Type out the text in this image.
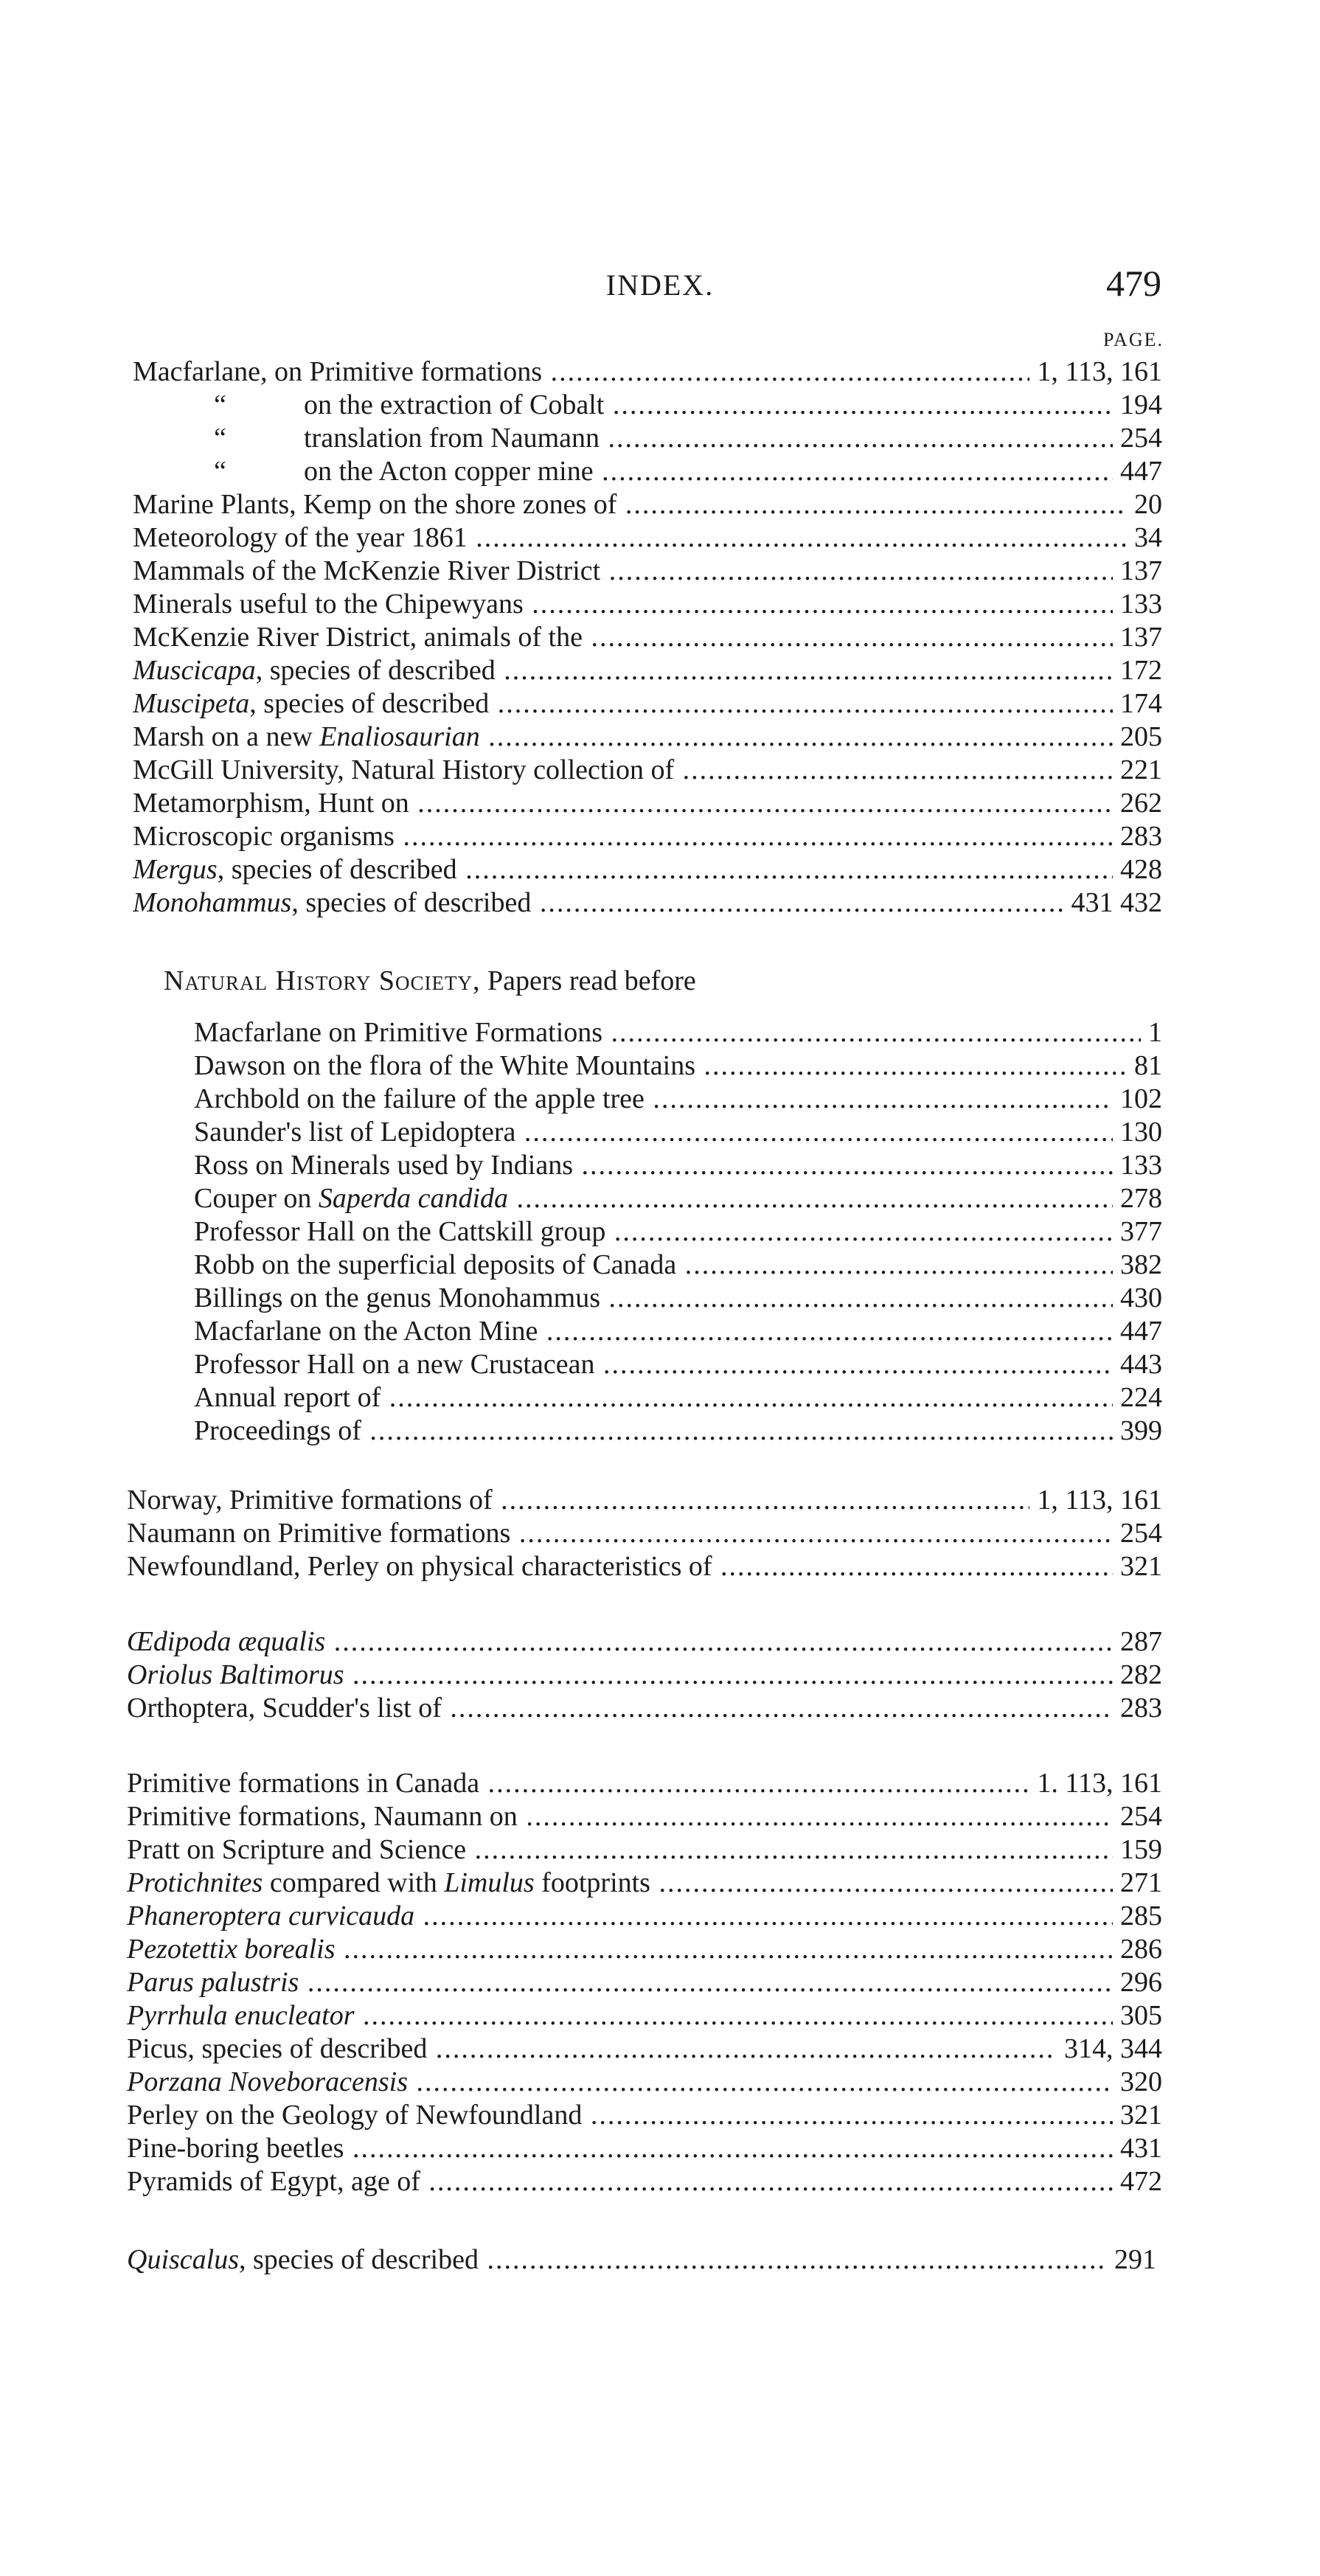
INDEX.	479
PAGE.
Macfarlane, on Primitive formations .....	1, 113, 161
“	on the extraction of Cobalt .....	194
“	translation from Naumann .....	254
“	on the Acton copper mine .....	447
Marine Plants, Kemp on the shore zones of .....	20
Meteorology of the year 1861 .....	34
Mammals of the McKenzie River District .....	137
Minerals useful to the Chipewyans .....	133
McKenzie River District, animals of the .....	137
Muscicapa, species of described .....	172
Muscipeta, species of described .....	174
Marsh on a new Enaliosaurian .....	205
McGill University, Natural History collection of .....	221
Metamorphism, Hunt on .....	262
Microscopic organisms .....	283
Mergus, species of described .....	428
Monohammus, species of described .....	431 432
Natural History Society, Papers read before
Macfarlane on Primitive Formations .....	1
Dawson on the flora of the White Mountains .....	81
Archbold on the failure of the apple tree .....	102
Saunder's list of Lepidoptera .....	130
Ross on Minerals used by Indians .....	133
Couper on Saperda candida .....	278
Professor Hall on the Cattskill group .....	377
Robb on the superficial deposits of Canada .....	382
Billings on the genus Monohammus .....	430
Macfarlane on the Acton Mine .....	447
Professor Hall on a new Crustacean .....	443
Annual report of .....	224
Proceedings of .....	399
Norway, Primitive formations of .....	1, 113, 161
Naumann on Primitive formations .....	254
Newfoundland, Perley on physical characteristics of .....	321
Œdipoda æqualis .....	287
Oriolus Baltimorus .....	282
Orthoptera, Scudder's list of .....	283
Primitive formations in Canada .....	1. 113, 161
Primitive formations, Naumann on .....	254
Pratt on Scripture and Science .....	159
Protichnites compared with Limulus footprints .....	271
Phaneroptera curvicauda .....	285
Pezotettix borealis .....	286
Parus palustris .....	296
Pyrrhula enucleator .....	305
Picus, species of described .....	314, 344
Porzana Noveboracensis .....	320
Perley on the Geology of Newfoundland .....	321
Pine-boring beetles .....	431
Pyramids of Egypt, age of .....	472
Quiscalus, species of described .....	291
